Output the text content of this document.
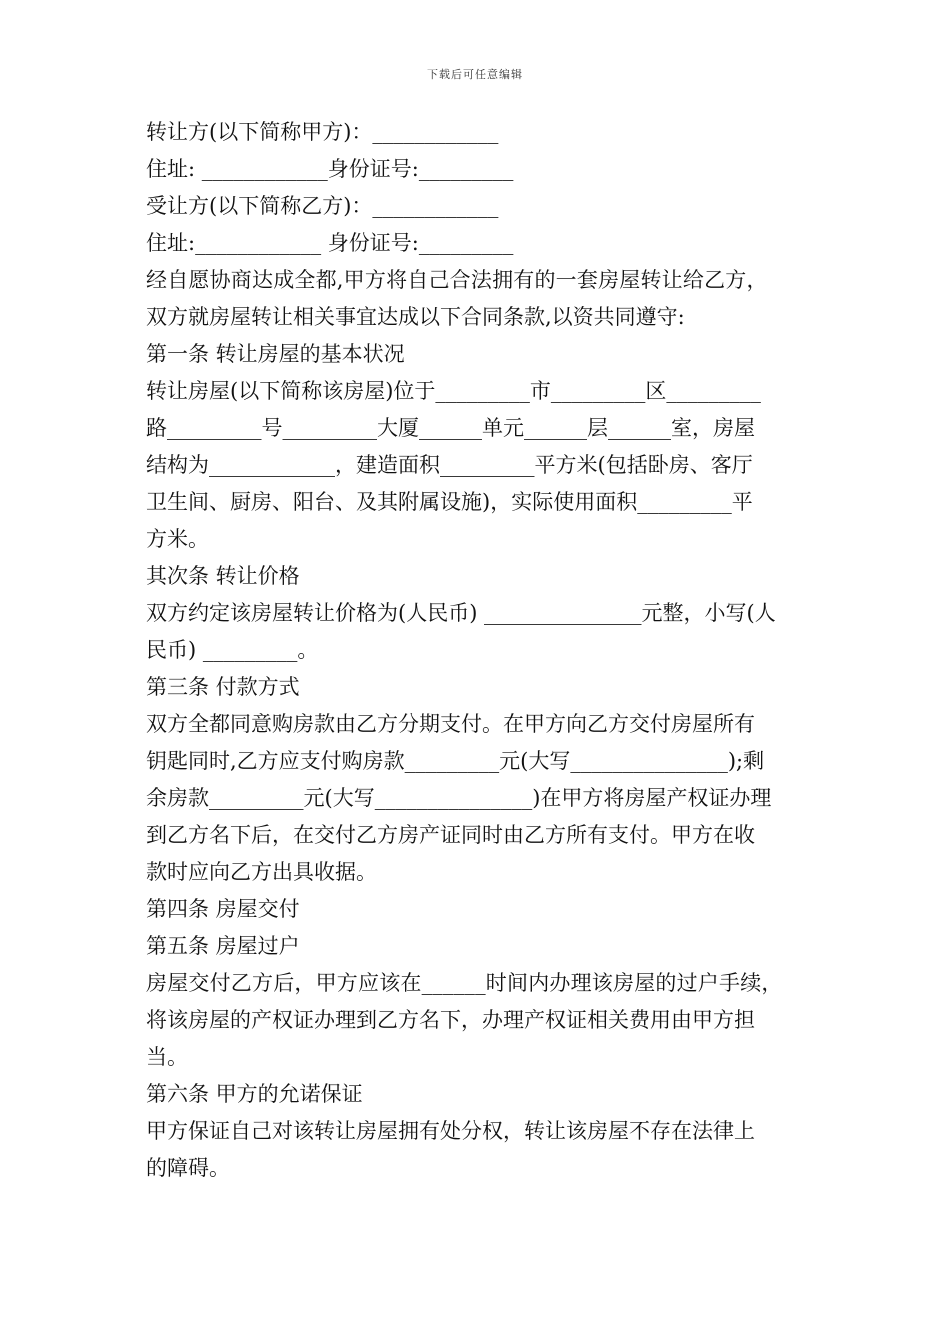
下载后可任意编辑
转让方(以下简称甲方)：____________
住址: ____________身份证号:_________
受让方(以下简称乙方)：____________
住址:____________ 身份证号:_________
经自愿协商达成全都,甲方将自己合法拥有的一套房屋转让给乙方，
双方就房屋转让相关事宜达成以下合同条款,以资共同遵守:
第一条 转让房屋的基本状况
转让房屋(以下简称该房屋)位于_________市_________区_________
路_________号_________大厦______单元______层______室，房屋
结构为____________，建造面积_________平方米(包括卧房、客厅
卫生间、厨房、阳台、及其附属设施)，实际使用面积_________平
方米。
其次条 转让价格
双方约定该房屋转让价格为(人民币) _______________元整，小写(人
民币) _________。
第三条 付款方式
双方全都同意购房款由乙方分期支付。在甲方向乙方交付房屋所有
钥匙同时,乙方应支付购房款_________元(大写_______________);剩
余房款_________元(大写_______________)在甲方将房屋产权证办理
到乙方名下后，在交付乙方房产证同时由乙方所有支付。甲方在收
款时应向乙方出具收据。
第四条 房屋交付
第五条 房屋过户
房屋交付乙方后，甲方应该在______时间内办理该房屋的过户手续，
将该房屋的产权证办理到乙方名下，办理产权证相关费用由甲方担
当。
第六条 甲方的允诺保证
甲方保证自己对该转让房屋拥有处分权，转让该房屋不存在法律上
的障碍。
